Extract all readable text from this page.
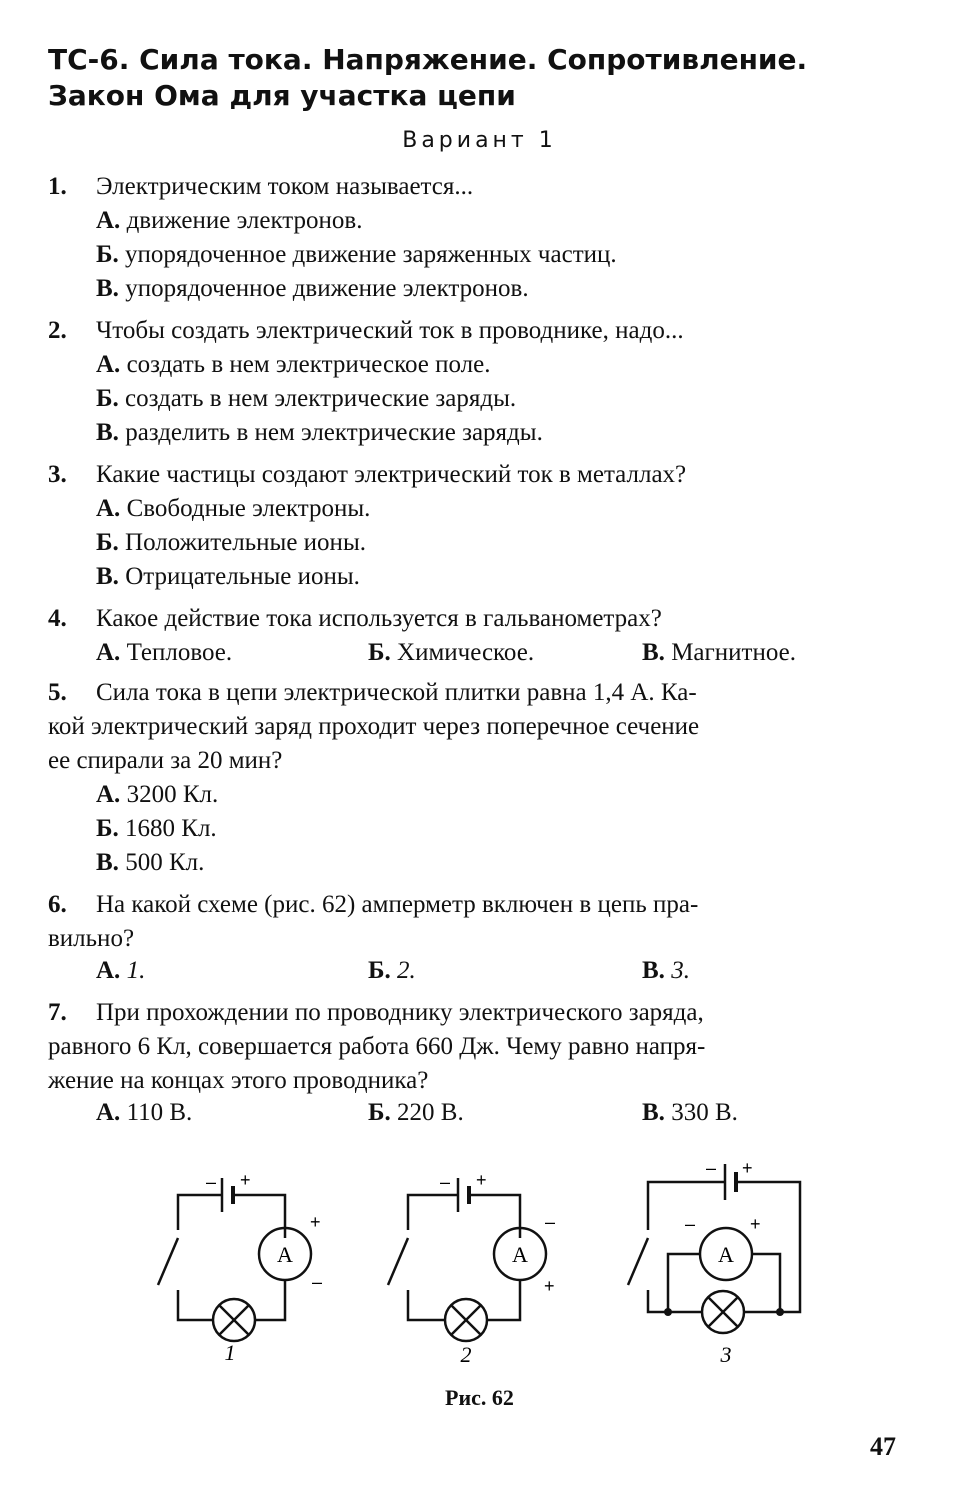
ТС-6. Сила тока. Напряжение. Сопротивление.
Закон Ома для участка цепи
Вариант 1
1. Электрическим током называется...
А. движение электронов.
Б. упорядоченное движение заряженных частиц.
В. упорядоченное движение электронов.
2. Чтобы создать электрический ток в проводнике, надо...
А. создать в нем электрическое поле.
Б. создать в нем электрические заряды.
В. разделить в нем электрические заряды.
3. Какие частицы создают электрический ток в металлах?
А. Свободные электроны.
Б. Положительные ионы.
В. Отрицательные ионы.
4. Какое действие тока используется в гальванометрах?
А. Тепловое.	Б. Химическое.	В. Магнитное.
5. Сила тока в цепи электрической плитки равна 1,4 А. Ка-
кой электрический заряд проходит через поперечное сечение
ее спирали за 20 мин?
А. 3200 Кл.
Б. 1680 Кл.
В. 500 Кл.
6. На какой схеме (рис. 62) амперметр включен в цепь пра-
вильно?
А. 1.	Б. 2.	В. 3.
7. При прохождении по проводнику электрического заряда,
равного 6 Кл, совершается работа 660 Дж. Чему равно напря-
жение на концах этого проводника?
А. 110 В.	Б. 220 В.	В. 330 В.
А	А	А
– +
+
–
– +
–
+
– +
–	+
1	2	3
Рис. 62
47
